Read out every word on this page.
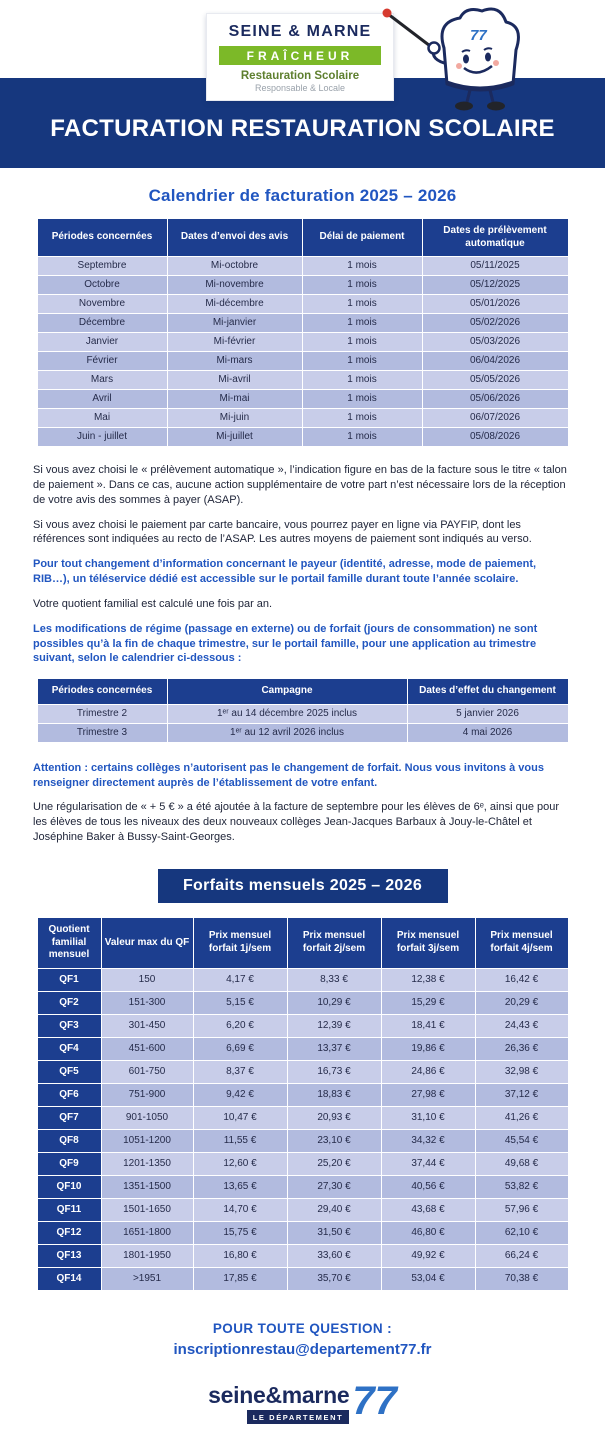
SEINE & MARNE
FRAÎCHEUR
Restauration Scolaire
Responsable & Locale
77
FACTURATION RESTAURATION SCOLAIRE
Calendrier de facturation 2025 – 2026
Périodes concernées	Dates d’envoi des avis	Délai de paiement	Dates de prélèvement automatique
Septembre	Mi-octobre	1 mois	05/11/2025
Octobre	Mi-novembre	1 mois	05/12/2025
Novembre	Mi-décembre	1 mois	05/01/2026
Décembre	Mi-janvier	1 mois	05/02/2026
Janvier	Mi-février	1 mois	05/03/2026
Février	Mi-mars	1 mois	06/04/2026
Mars	Mi-avril	1 mois	05/05/2026
Avril	Mi-mai	1 mois	05/06/2026
Mai	Mi-juin	1 mois	06/07/2026
Juin - juillet	Mi-juillet	1 mois	05/08/2026

Si vous avez choisi le « prélèvement automatique », l’indication figure en bas de la facture sous le titre « talon de paiement ». Dans ce cas, aucune action supplémentaire de votre part n’est nécessaire lors de la réception de votre avis des sommes à payer (ASAP).

Si vous avez choisi le paiement par carte bancaire, vous pourrez payer en ligne via PAYFIP, dont les références sont indiquées au recto de l’ASAP. Les autres moyens de paiement sont indiqués au verso.

Pour tout changement d’information concernant le payeur (identité, adresse, mode de paiement, RIB…), un téléservice dédié est accessible sur le portail famille durant toute l’année scolaire.

Votre quotient familial est calculé une fois par an.

Les modifications de régime (passage en externe) ou de forfait (jours de consommation) ne sont possibles qu’à la fin de chaque trimestre, sur le portail famille, pour une application au trimestre suivant, selon le calendrier ci-dessous :

Périodes concernées	Campagne	Dates d’effet du changement
Trimestre 2	1ᵉʳ au 14 décembre 2025 inclus	5 janvier 2026
Trimestre 3	1ᵉʳ au 12 avril 2026 inclus	4 mai 2026

Attention : certains collèges n’autorisent pas le changement de forfait. Nous vous invitons à vous renseigner directement auprès de l’établissement de votre enfant.

Une régularisation de « + 5 € » a été ajoutée à la facture de septembre pour les élèves de 6ᵉ, ainsi que pour les élèves de tous les niveaux des deux nouveaux collèges Jean-Jacques Barbaux à Jouy-le-Châtel et Joséphine Baker à Bussy-Saint-Georges.

Forfaits mensuels 2025 – 2026
Quotient familial mensuel	Valeur max du QF	Prix mensuel forfait 1j/sem	Prix mensuel forfait 2j/sem	Prix mensuel forfait 3j/sem	Prix mensuel forfait 4j/sem
QF1	150	4,17 €	8,33 €	12,38 €	16,42 €
QF2	151-300	5,15 €	10,29 €	15,29 €	20,29 €
QF3	301-450	6,20 €	12,39 €	18,41 €	24,43 €
QF4	451-600	6,69 €	13,37 €	19,86 €	26,36 €
QF5	601-750	8,37 €	16,73 €	24,86 €	32,98 €
QF6	751-900	9,42 €	18,83 €	27,98 €	37,12 €
QF7	901-1050	10,47 €	20,93 €	31,10 €	41,26 €
QF8	1051-1200	11,55 €	23,10 €	34,32 €	45,54 €
QF9	1201-1350	12,60 €	25,20 €	37,44 €	49,68 €
QF10	1351-1500	13,65 €	27,30 €	40,56 €	53,82 €
QF11	1501-1650	14,70 €	29,40 €	43,68 €	57,96 €
QF12	1651-1800	15,75 €	31,50 €	46,80 €	62,10 €
QF13	1801-1950	16,80 €	33,60 €	49,92 €	66,24 €
QF14	>1951	17,85 €	35,70 €	53,04 €	70,38 €
POUR TOUTE QUESTION :
inscriptionrestau@departement77.fr
seine&marne
LE DÉPARTEMENT 77
